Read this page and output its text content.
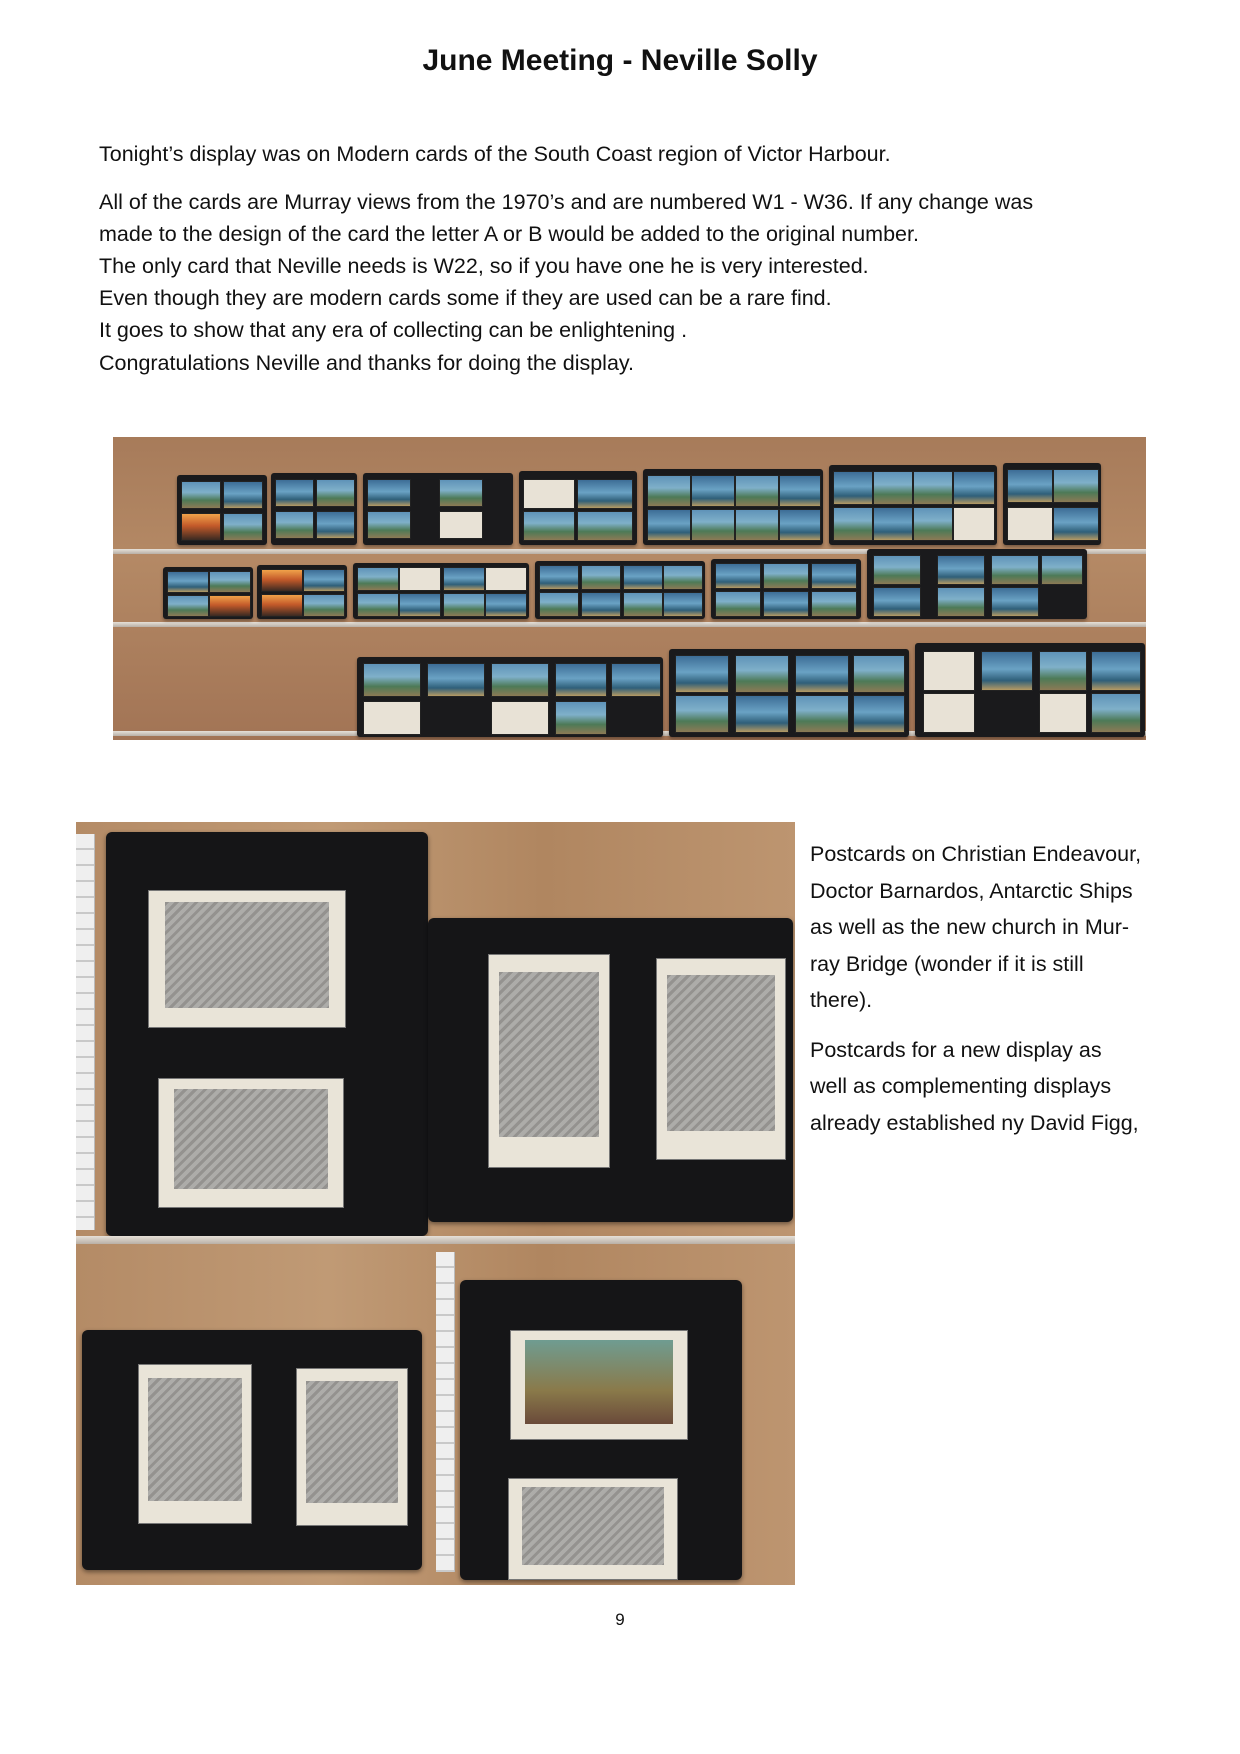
June Meeting - Neville Solly

Tonight’s display was on Modern cards of the South Coast region of Victor Harbour.

All of the cards are Murray views from the 1970’s and are numbered W1 - W36. If any change was

made to the design of the card the letter A or B would be added to the original number.

The only card that Neville needs is W22, so if you have one he is very interested.

Even though they are modern cards some if they are used can be a rare find.

It goes to show that any era of collecting can be enlightening .

Congratulations Neville and thanks for doing the display.

Postcards on Christian Endeavour,
Doctor Barnardos, Antarctic Ships
as well as the new church in Mur-
ray Bridge (wonder if it is still
there).

Postcards for a new display as
well as complementing displays
already established ny David Figg,

9
